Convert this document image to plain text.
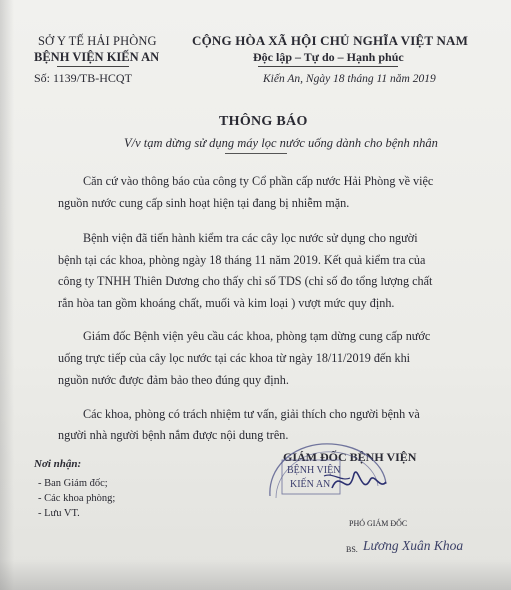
SỞ Y TẾ HẢI PHÒNG
BỆNH VIỆN KIẾN AN
Số: 1139/TB-HCQT
CỘNG HÒA XÃ HỘI CHỦ NGHĨA VIỆT NAM
Độc lập – Tự do – Hạnh phúc
Kiến An, Ngày 18 tháng 11 năm 2019
THÔNG BÁO
V/v tạm dừng sử dụng máy lọc nước uống dành cho bệnh nhân
Căn cứ vào thông báo của công ty Cổ phần cấp nước Hải Phòng về việc
nguồn nước cung cấp sinh hoạt hiện tại đang bị nhiễm mặn.
Bệnh viện đã tiến hành kiểm tra các cây lọc nước sử dụng cho người
bệnh tại các khoa, phòng ngày 18 tháng 11 năm 2019. Kết quả kiểm tra của
công ty TNHH Thiên Dương cho thấy chỉ số TDS (chỉ số đo tổng lượng chất
rắn hòa tan gồm khoáng chất, muối và kim loại ) vượt mức quy định.
Giám đốc Bệnh viện yêu cầu các khoa, phòng tạm dừng cung cấp nước
uống trực tiếp của cây lọc nước tại các khoa từ ngày 18/11/2019 đến khi
nguồn nước được đảm bảo theo đúng quy định.
Các khoa, phòng có trách nhiệm tư vấn, giải thích cho người bệnh và
người nhà người bệnh nắm được nội dung trên.
Nơi nhận:
- Ban Giám đốc;
- Các khoa phòng;
- Lưu VT.
GIÁM ĐỐC BỆNH VIỆN
BỆNH VIỆN
KIẾN AN
PHÓ GIÁM ĐỐC
BS. Lương Xuân Khoa
